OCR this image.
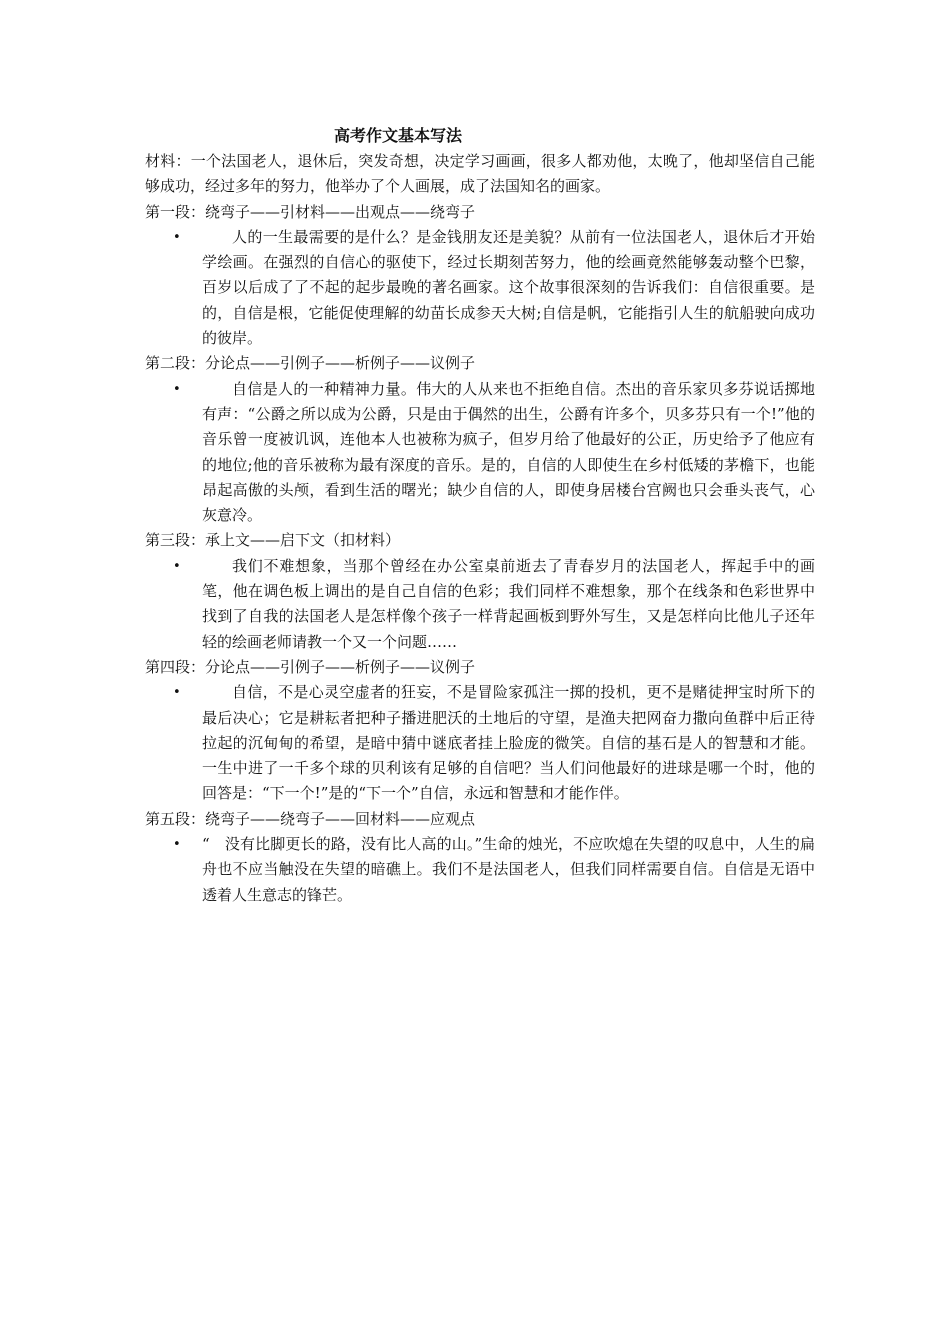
高考作文基本写法

材料：一个法国老人，退休后，突发奇想，决定学习画画，很多人都劝他，太晚了，他却坚信自己能够成功，经过多年的努力，他举办了个人画展，成了法国知名的画家。

第一段：绕弯子——引材料——出观点——绕弯子

•	人的一生最需要的是什么？是金钱朋友还是美貌？从前有一位法国老人，退休后才开始学绘画。在强烈的自信心的驱使下，经过长期刻苦努力，他的绘画竟然能够轰动整个巴黎，百岁以后成了了不起的起步最晚的著名画家。这个故事很深刻的告诉我们：自信很重要。是的，自信是根，它能促使理解的幼苗长成参天大树;自信是帆，它能指引人生的航船驶向成功的彼岸。

第二段：分论点——引例子——析例子——议例子

•	自信是人的一种精神力量。伟大的人从来也不拒绝自信。杰出的音乐家贝多芬说话掷地有声：“公爵之所以成为公爵，只是由于偶然的出生，公爵有许多个，贝多芬只有一个!”他的音乐曾一度被讥讽，连他本人也被称为疯子，但岁月给了他最好的公正，历史给予了他应有的地位;他的音乐被称为最有深度的音乐。是的，自信的人即使生在乡村低矮的茅檐下，也能昂起高傲的头颅，看到生活的曙光；缺少自信的人，即使身居楼台宫阙也只会垂头丧气，心灰意冷。

第三段：承上文——启下文（扣材料）

•	我们不难想象，当那个曾经在办公室桌前逝去了青春岁月的法国老人，挥起手中的画笔，他在调色板上调出的是自己自信的色彩；我们同样不难想象，那个在线条和色彩世界中找到了自我的法国老人是怎样像个孩子一样背起画板到野外写生，又是怎样向比他儿子还年轻的绘画老师请教一个又一个问题……

第四段：分论点——引例子——析例子——议例子

•	自信，不是心灵空虚者的狂妄，不是冒险家孤注一掷的投机，更不是赌徒押宝时所下的最后决心；它是耕耘者把种子播进肥沃的土地后的守望，是渔夫把网奋力撒向鱼群中后正待拉起的沉甸甸的希望，是暗中猜中谜底者挂上脸庞的微笑。自信的基石是人的智慧和才能。一生中进了一千多个球的贝利该有足够的自信吧？当人们问他最好的进球是哪一个时，他的回答是：“下一个!”是的“下一个”自信，永远和智慧和才能作伴。

第五段：绕弯子——绕弯子——回材料——应观点

• “　没有比脚更长的路，没有比人高的山。”生命的烛光，不应吹熄在失望的叹息中，人生的扁舟也不应当触没在失望的暗礁上。我们不是法国老人，但我们同样需要自信。自信是无语中透着人生意志的锋芒。
